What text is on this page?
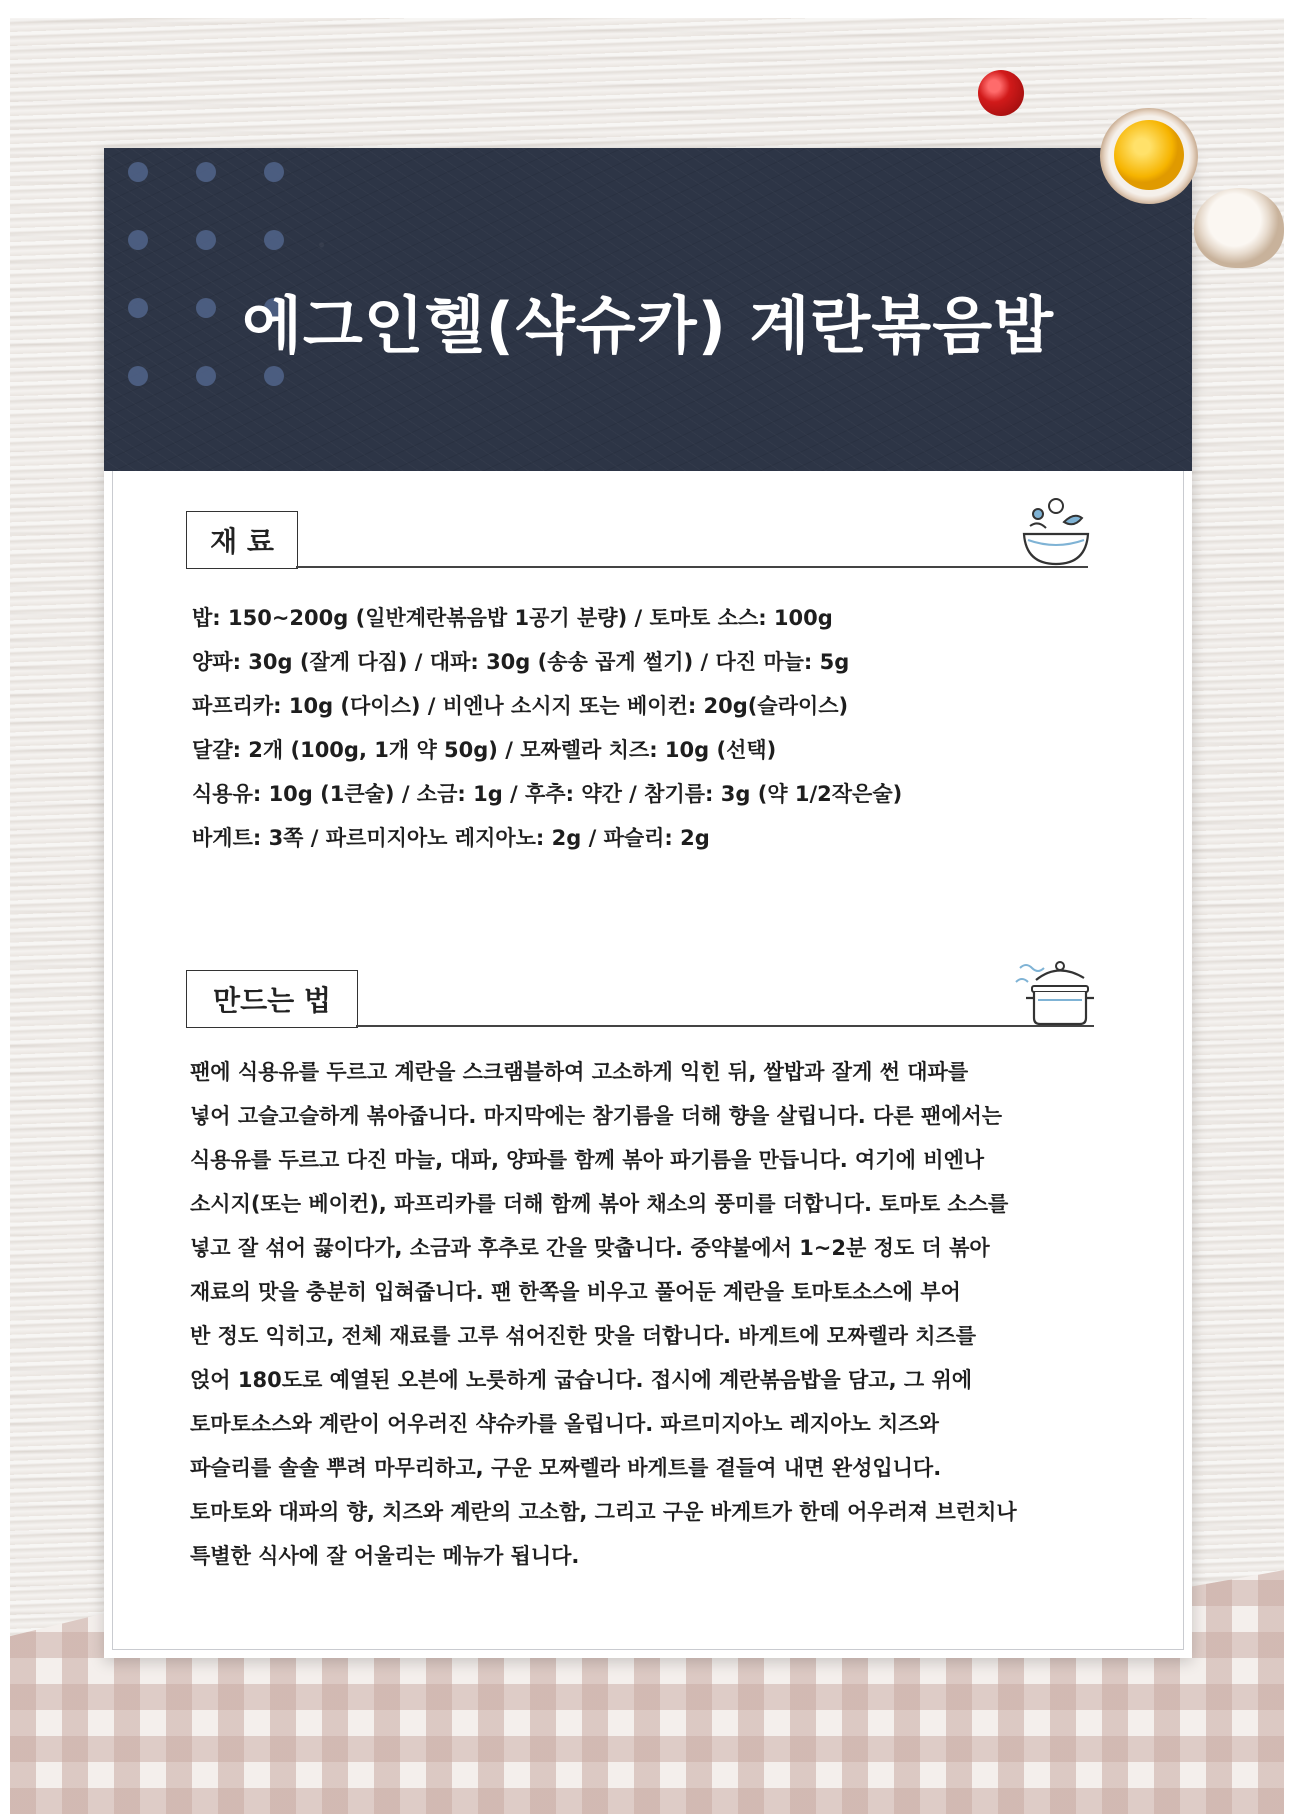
에그인헬(샥슈카) 계란볶음밥
재 료
밥: 150~200g (일반계란볶음밥 1공기 분량) / 토마토 소스: 100g
양파: 30g (잘게 다짐) / 대파: 30g (송송 곱게 썰기) / 다진 마늘: 5g
파프리카: 10g (다이스) / 비엔나 소시지 또는 베이컨: 20g(슬라이스)
달걀: 2개 (100g, 1개 약 50g) / 모짜렐라 치즈: 10g (선택)
식용유: 10g (1큰술) / 소금: 1g / 후추: 약간 / 참기름: 3g (약 1/2작은술)
바게트: 3쪽 / 파르미지아노 레지아노: 2g / 파슬리: 2g
만드는 법
팬에 식용유를 두르고 계란을 스크램블하여 고소하게 익힌 뒤, 쌀밥과 잘게 썬 대파를
넣어 고슬고슬하게 볶아줍니다. 마지막에는 참기름을 더해 향을 살립니다. 다른 팬에서는
식용유를 두르고 다진 마늘, 대파, 양파를 함께 볶아 파기름을 만듭니다. 여기에 비엔나
소시지(또는 베이컨), 파프리카를 더해 함께 볶아 채소의 풍미를 더합니다. 토마토 소스를
넣고 잘 섞어 끓이다가, 소금과 후추로 간을 맞춥니다. 중약불에서 1~2분 정도 더 볶아
재료의 맛을 충분히 입혀줍니다. 팬 한쪽을 비우고 풀어둔 계란을 토마토소스에 부어
반 정도 익히고, 전체 재료를 고루 섞어진한 맛을 더합니다. 바게트에 모짜렐라 치즈를
얹어 180도로 예열된 오븐에 노릇하게 굽습니다. 접시에 계란볶음밥을 담고, 그 위에
토마토소스와 계란이 어우러진 샥슈카를 올립니다. 파르미지아노 레지아노 치즈와
파슬리를 솔솔 뿌려 마무리하고, 구운 모짜렐라 바게트를 곁들여 내면 완성입니다.
토마토와 대파의 향, 치즈와 계란의 고소함, 그리고 구운 바게트가 한데 어우러져 브런치나
특별한 식사에 잘 어울리는 메뉴가 됩니다.
